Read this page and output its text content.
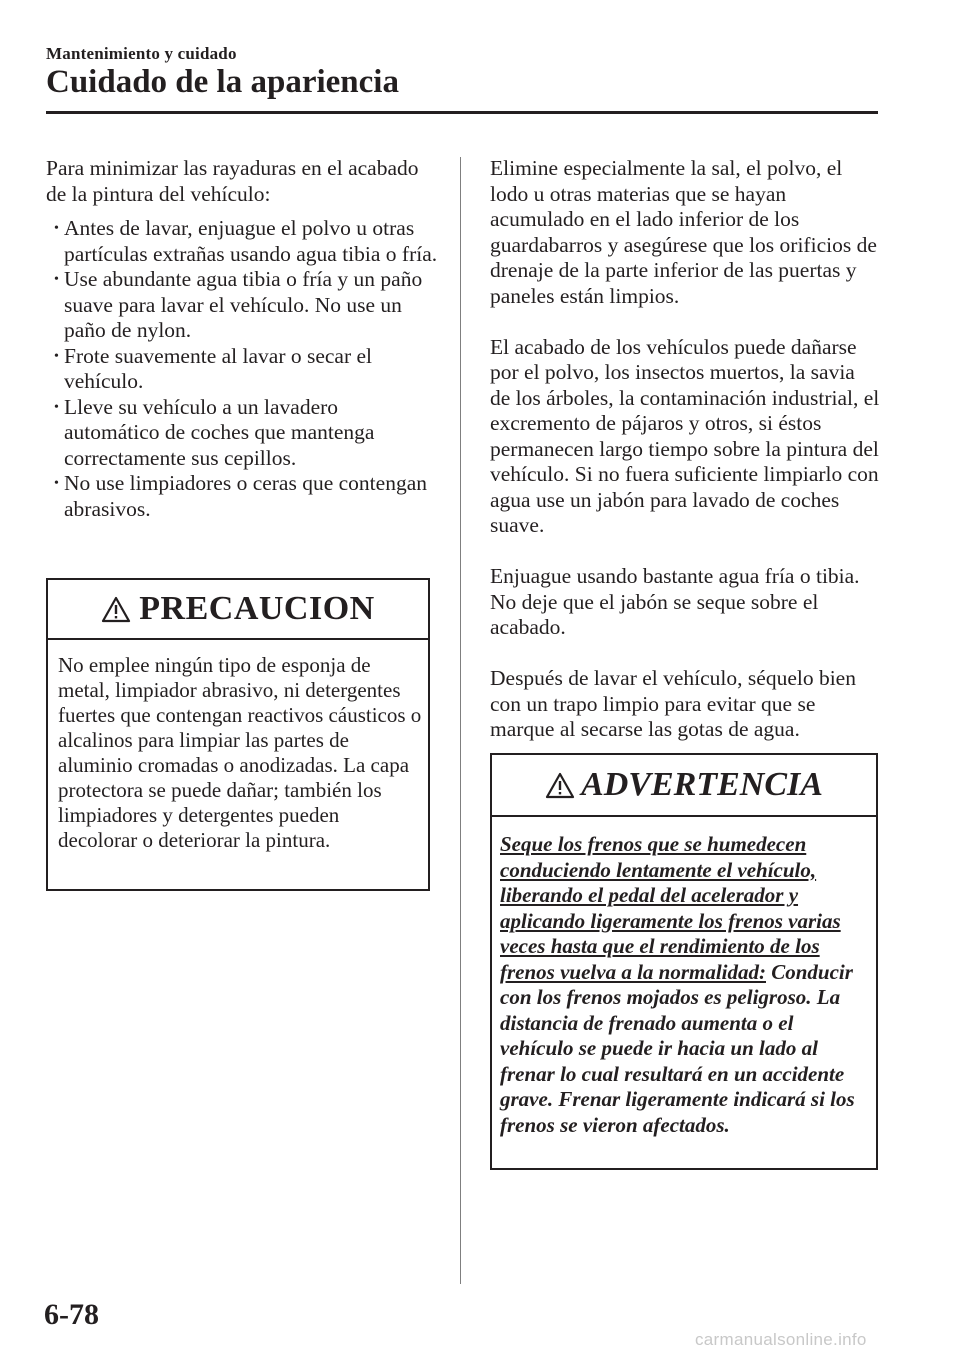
Mantenimiento y cuidado
Cuidado de la apariencia

Para minimizar las rayaduras en el acabado de la pintura del vehículo:

• Antes de lavar, enjuague el polvo u otras partículas extrañas usando agua tibia o fría.
• Use abundante agua tibia o fría y un paño suave para lavar el vehículo. No use un paño de nylon.
• Frote suavemente al lavar o secar el vehículo.
• Lleve su vehículo a un lavadero automático de coches que mantenga correctamente sus cepillos.
• No use limpiadores o ceras que contengan abrasivos.
PRECAUCION
No emplee ningún tipo de esponja de metal, limpiador abrasivo, ni detergentes fuertes que contengan reactivos cáusticos o alcalinos para limpiar las partes de aluminio cromadas o anodizadas. La capa protectora se puede dañar; también los limpiadores y detergentes pueden decolorar o deteriorar la pintura.

Elimine especialmente la sal, el polvo, el lodo u otras materias que se hayan acumulado en el lado inferior de los guardabarros y asegúrese que los orificios de drenaje de la parte inferior de las puertas y paneles están limpios.

El acabado de los vehículos puede dañarse por el polvo, los insectos muertos, la savia de los árboles, la contaminación industrial, el excremento de pájaros y otros, si éstos permanecen largo tiempo sobre la pintura del vehículo. Si no fuera suficiente limpiarlo con agua use un jabón para lavado de coches suave.

Enjuague usando bastante agua fría o tibia. No deje que el jabón se seque sobre el acabado.

Después de lavar el vehículo, séquelo bien con un trapo limpio para evitar que se marque al secarse las gotas de agua.

ADVERTENCIA
Seque los frenos que se humedecen conduciendo lentamente el vehículo, liberando el pedal del acelerador y aplicando ligeramente los frenos varias veces hasta que el rendimiento de los frenos vuelva a la normalidad: Conducir con los frenos mojados es peligroso. La distancia de frenado aumenta o el vehículo se puede ir hacia un lado al frenar lo cual resultará en un accidente grave. Frenar ligeramente indicará si los frenos se vieron afectados.
6-78
carmanualsonline.info
